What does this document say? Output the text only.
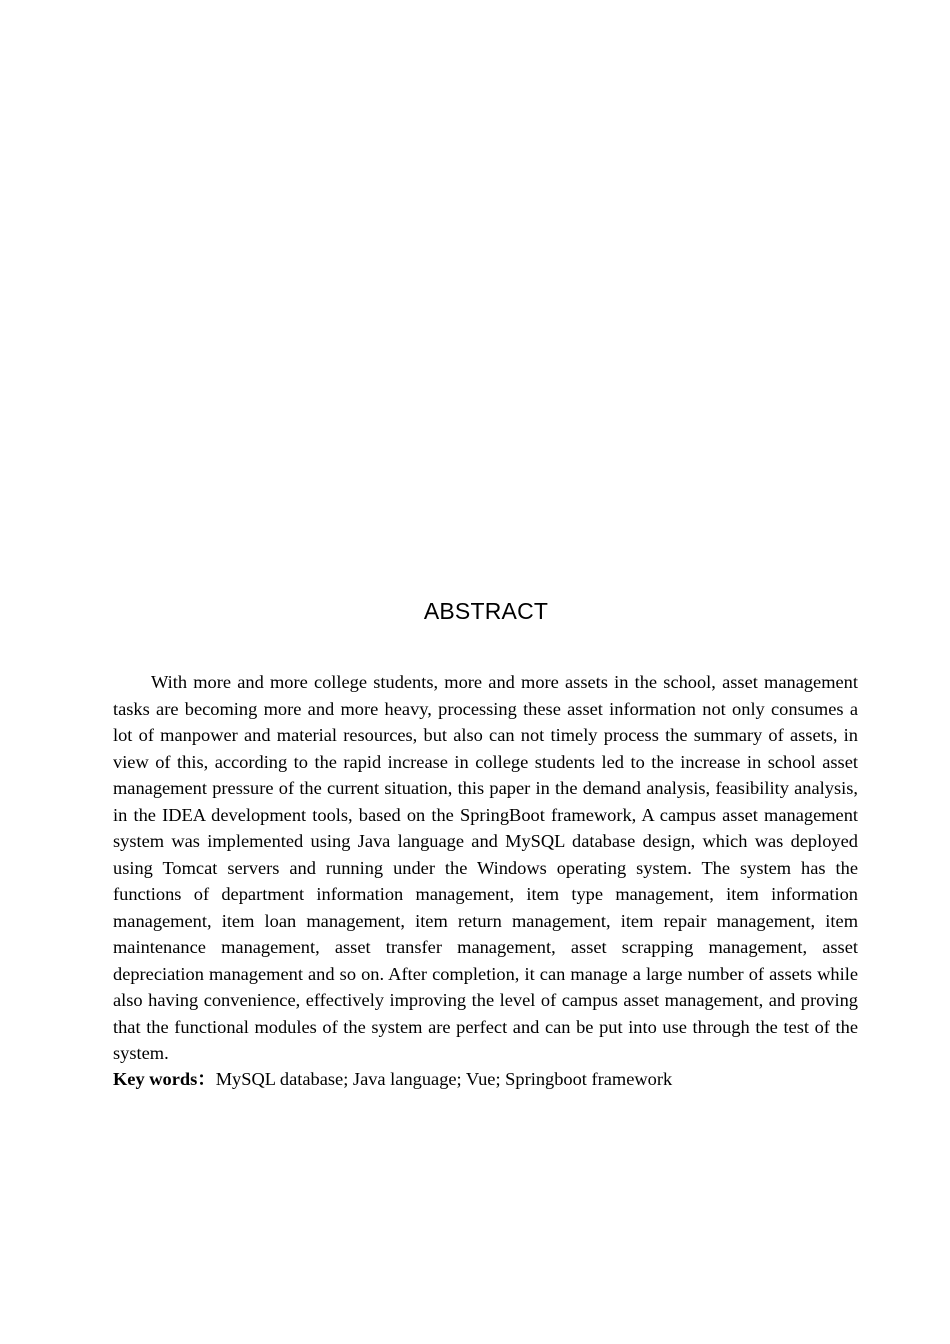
ABSTRACT

With more and more college students, more and more assets in the school, asset management tasks are becoming more and more heavy, processing these asset information not only consumes a lot of manpower and material resources, but also can not timely process the summary of assets, in view of this, according to the rapid increase in college students led to the increase in school asset management pressure of the current situation, this paper in the demand analysis, feasibility analysis, in the IDEA development tools, based on the SpringBoot framework, A campus asset management system was implemented using Java language and MySQL database design, which was deployed using Tomcat servers and running under the Windows operating system. The system has the functions of department information management, item type management, item information management, item loan management, item return management, item repair management, item maintenance management, asset transfer management, asset scrapping management, asset depreciation management and so on. After completion, it can manage a large number of assets while also having convenience, effectively improving the level of campus asset management, and proving that the functional modules of the system are perfect and can be put into use through the test of the system.

Key words：MySQL database; Java language; Vue; Springboot framework
